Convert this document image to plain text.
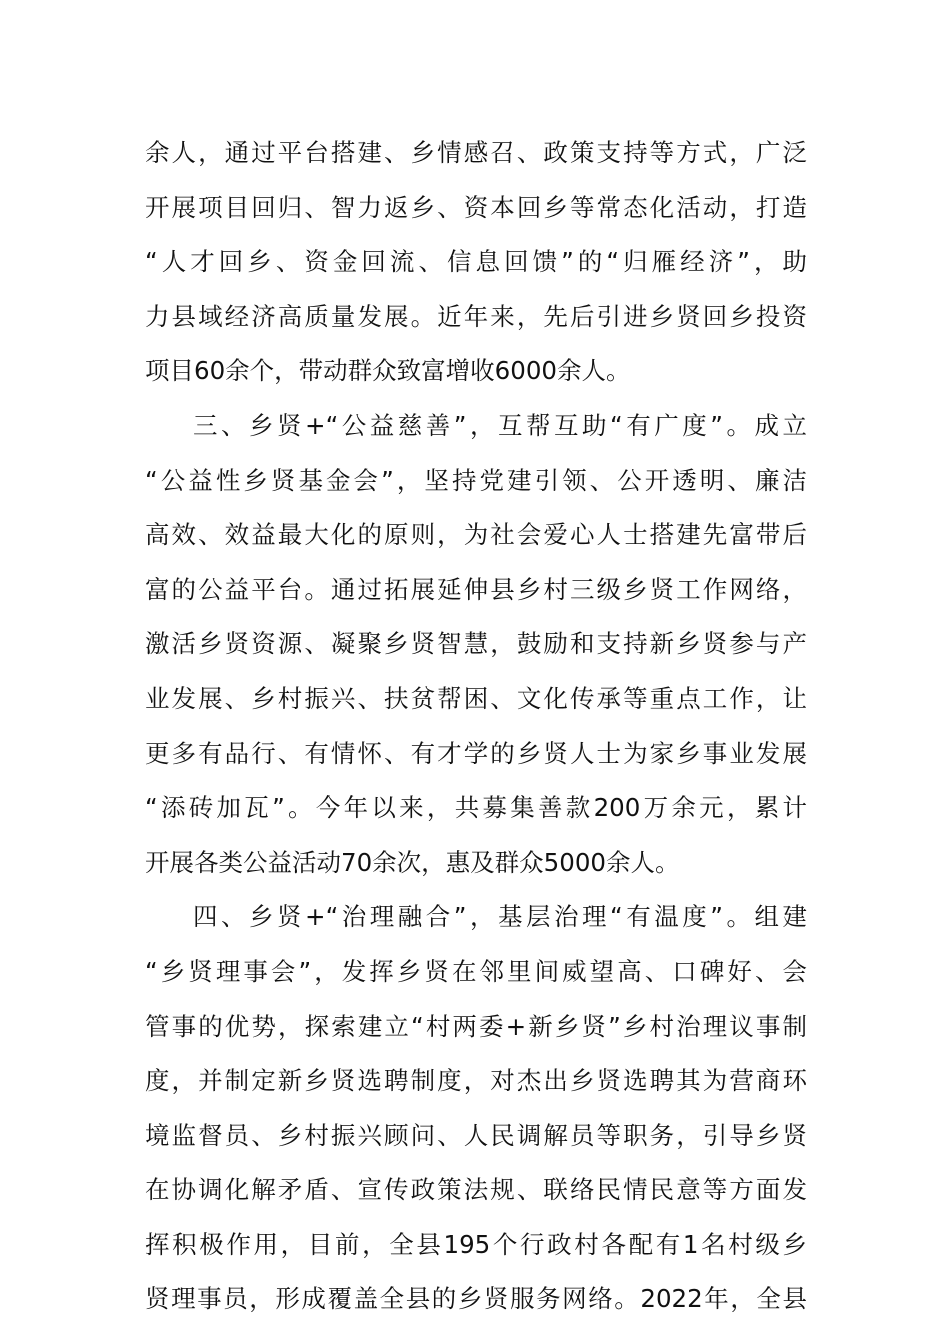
余人，通过平台搭建、乡情感召、政策支持等方式，广泛
开展项目回归、智力返乡、资本回乡等常态化活动，打造
“人才回乡、资金回流、信息回馈”的“归雁经济”，助
力县域经济高质量发展。近年来，先后引进乡贤回乡投资
项目60余个，带动群众致富增收6000余人。
三、乡贤+“公益慈善”，互帮互助“有广度”。成立
“公益性乡贤基金会”，坚持党建引领、公开透明、廉洁
高效、效益最大化的原则，为社会爱心人士搭建先富带后
富的公益平台。通过拓展延伸县乡村三级乡贤工作网络，
激活乡贤资源、凝聚乡贤智慧，鼓励和支持新乡贤参与产
业发展、乡村振兴、扶贫帮困、文化传承等重点工作，让
更多有品行、有情怀、有才学的乡贤人士为家乡事业发展
“添砖加瓦”。今年以来，共募集善款200万余元，累计
开展各类公益活动70余次，惠及群众5000余人。
四、乡贤+“治理融合”，基层治理“有温度”。组建
“乡贤理事会”，发挥乡贤在邻里间威望高、口碑好、会
管事的优势，探索建立“村两委+新乡贤”乡村治理议事制
度，并制定新乡贤选聘制度，对杰出乡贤选聘其为营商环
境监督员、乡村振兴顾问、人民调解员等职务，引导乡贤
在协调化解矛盾、宣传政策法规、联络民情民意等方面发
挥积极作用，目前，全县195个行政村各配有1名村级乡
贤理事员，形成覆盖全县的乡贤服务网络。2022年，全县
